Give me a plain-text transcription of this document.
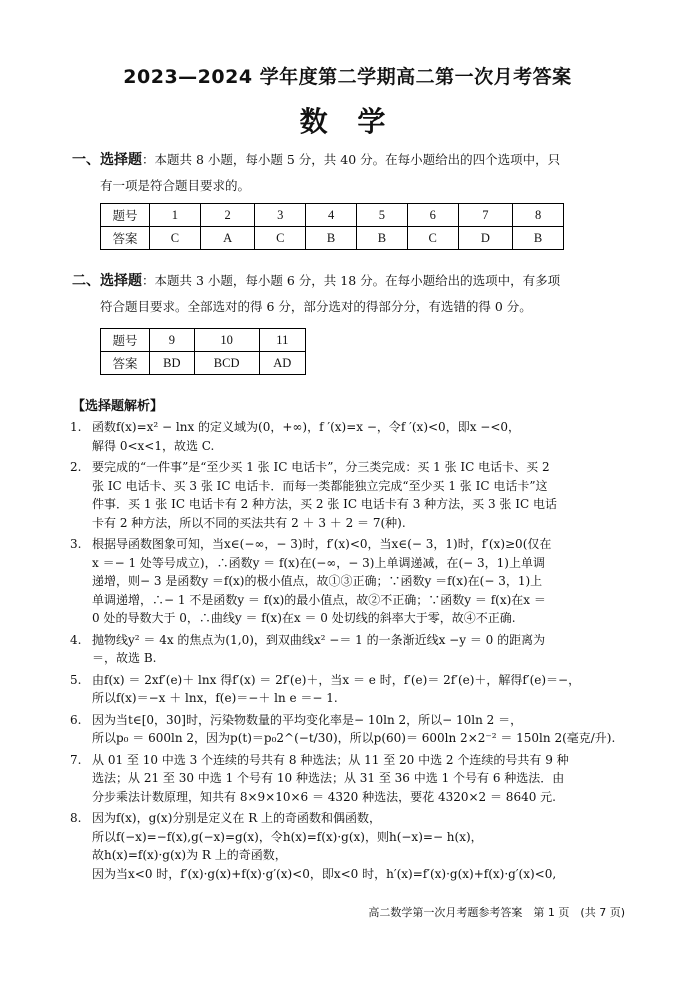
2023—2024 学年度第二学期高二第一次月考答案
数 学
一、选择题：本题共 8 小题，每小题 5 分，共 40 分。在每小题给出的四个选项中，只
有一项是符合题目要求的。
题号	1	2	3	4	5	6	7	8
答案	C	A	C	B	B	C	D	B
二、选择题：本题共 3 小题，每小题 6 分，共 18 分。在每小题给出的选项中，有多项
符合题目要求。全部选对的得 6 分，部分选对的得部分分，有选错的得 0 分。
题号	9	10	11
答案	BD	BCD	AD
【选择题解析】
1. 函数f(x)=x² − lnx 的定义域为(0，+∞)，f ′(x)=x −，令f ′(x)<0，即x −<0，
解得 0<x<1，故选 C.
2. 要完成的“一件事”是“至少买 1 张 IC 电话卡”，分三类完成：买 1 张 IC 电话卡、买 2
张 IC 电话卡、买 3 张 IC 电话卡．而每一类都能独立完成“至少买 1 张 IC 电话卡”这
件事．买 1 张 IC 电话卡有 2 种方法，买 2 张 IC 电话卡有 3 种方法，买 3 张 IC 电话
卡有 2 种方法，所以不同的买法共有 2 ＋ 3 ＋ 2 ＝ 7(种).
3. 根据导函数图象可知，当x∈(−∞，− 3)时，f′(x)<0，当x∈(− 3，1)时，f′(x)≥0(仅在
x ＝− 1 处等号成立)，∴函数y ＝ f(x)在(−∞，− 3)上单调递减，在(− 3，1)上单调
递增，则− 3 是函数y ＝f(x)的极小值点，故①③正确；∵函数y ＝f(x)在(− 3，1)上
单调递增，∴− 1 不是函数y ＝ f(x)的最小值点，故②不正确；∵函数y ＝ f(x)在x ＝
0 处的导数大于 0，∴曲线y ＝ f(x)在x ＝ 0 处切线的斜率大于零，故④不正确.
4. 抛物线y² ＝ 4x 的焦点为(1,0)，到双曲线x² −＝ 1 的一条渐近线x −y ＝ 0 的距离为
＝，故选 B.
5. 由f(x) ＝ 2xf′(e)＋ lnx 得f′(x) ＝ 2f′(e)＋，当x ＝ e 时，f′(e)＝ 2f′(e)＋，解得f′(e)＝−，
所以f(x)＝−x ＋ lnx，f(e)＝−＋ ln e ＝− 1.
6. 因为当t∈[0，30]时，污染物数量的平均变化率是− 10ln 2，所以− 10ln 2 ＝，
所以p₀ ＝ 600ln 2，因为p(t)＝p₀2^(−t/30)，所以p(60)＝ 600ln 2×2⁻² ＝ 150ln 2(毫克/升).
7. 从 01 至 10 中选 3 个连续的号共有 8 种选法；从 11 至 20 中选 2 个连续的号共有 9 种
选法；从 21 至 30 中选 1 个号有 10 种选法；从 31 至 36 中选 1 个号有 6 种选法．由
分步乘法计数原理，知共有 8×9×10×6 ＝ 4320 种选法，要花 4320×2 ＝ 8640 元.
8. 因为f(x)，g(x)分别是定义在 R 上的奇函数和偶函数，
所以f(−x)=−f(x),g(−x)=g(x)，令h(x)=f(x)·g(x)，则h(−x)=− h(x)，
故h(x)=f(x)·g(x)为 R 上的奇函数，
因为当x<0 时，f′(x)·g(x)+f(x)·g′(x)<0，即x<0 时，h′(x)=f′(x)·g(x)+f(x)·g′(x)<0,
高二数学第一次月考题参考答案　第 1 页　(共 7 页)
